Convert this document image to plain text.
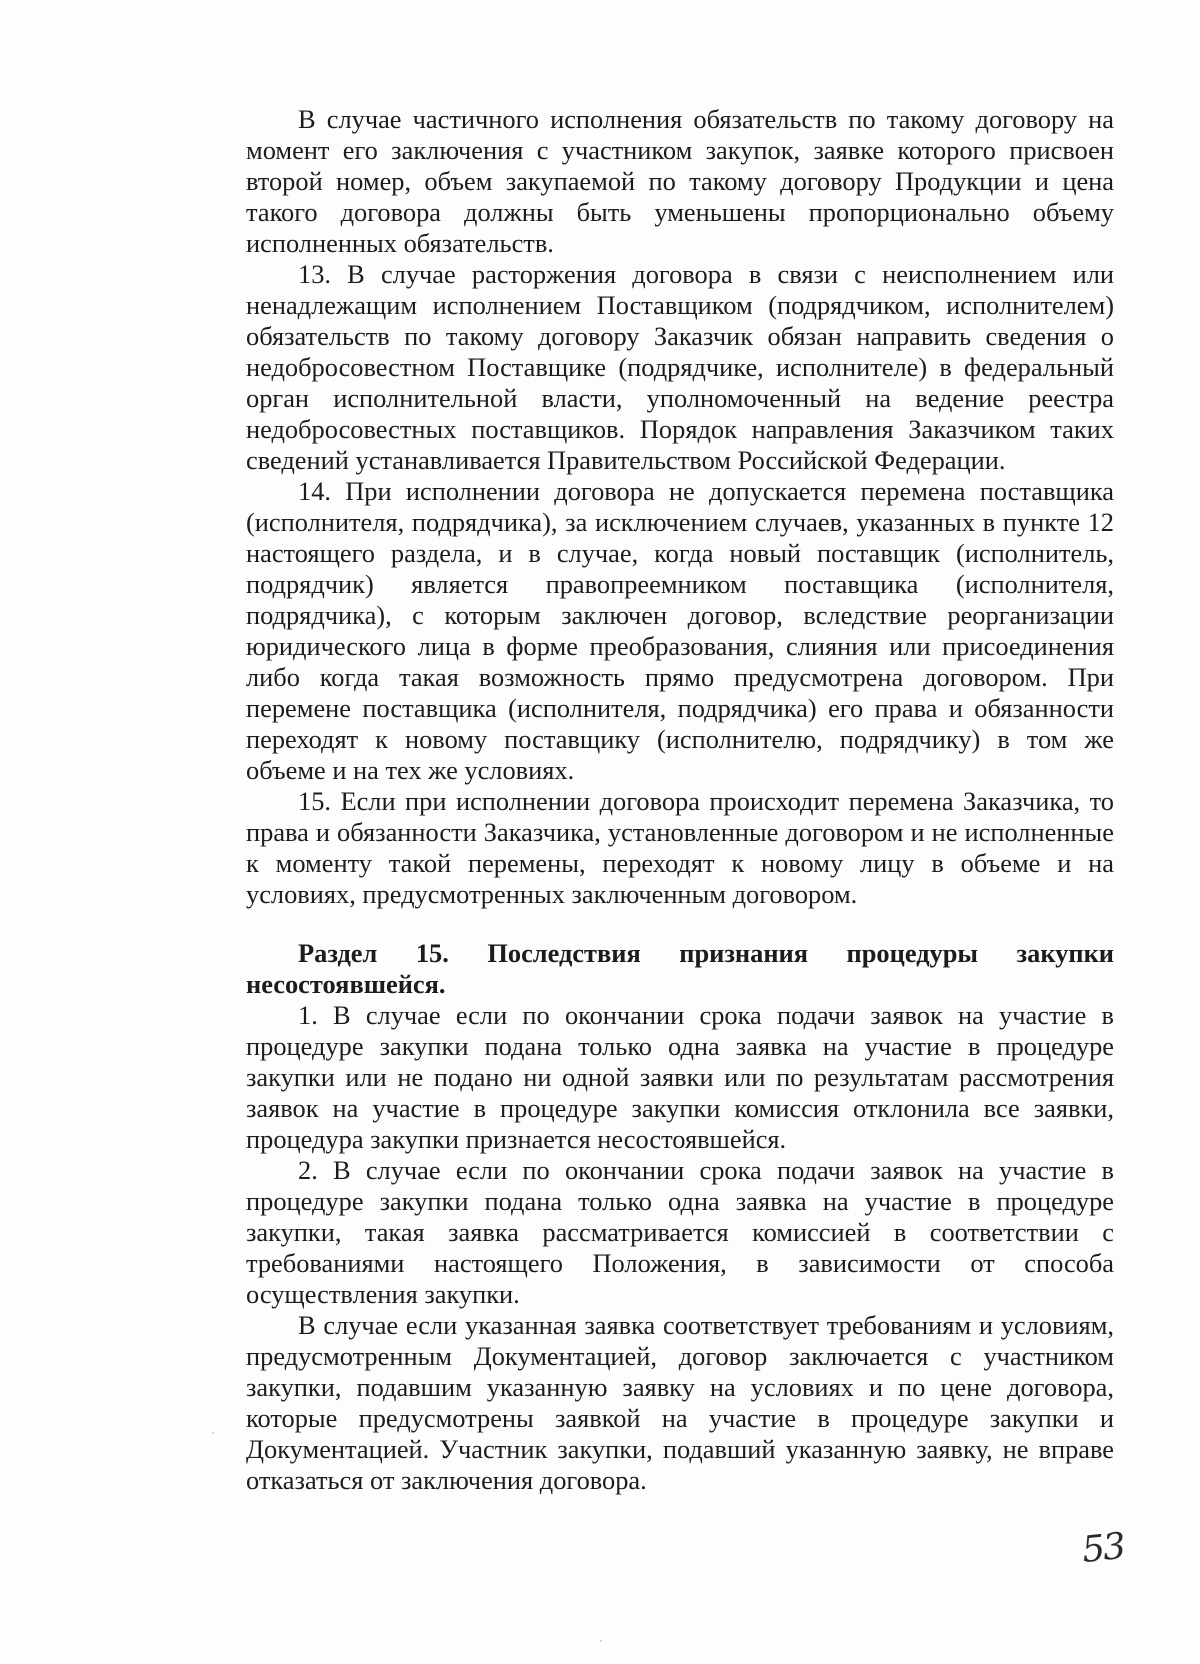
В случае частичного исполнения обязательств по такому договору на момент его заключения с участником закупок, заявке которого присвоен второй номер, объем закупаемой по такому договору Продукции и цена такого договора должны быть уменьшены пропорционально объему исполненных обязательств.

13. В случае расторжения договора в связи с неисполнением или ненадлежащим исполнением Поставщиком (подрядчиком, исполнителем) обязательств по такому договору Заказчик обязан направить сведения о недобросовестном Поставщике (подрядчике, исполнителе) в федеральный орган исполнительной власти, уполномоченный на ведение реестра недобросовестных поставщиков. Порядок направления Заказчиком таких сведений устанавливается Правительством Российской Федерации.

14. При исполнении договора не допускается перемена поставщика (исполнителя, подрядчика), за исключением случаев, указанных в пункте 12 настоящего раздела, и в случае, когда новый поставщик (исполнитель, подрядчик) является правопреемником поставщика (исполнителя, подрядчика), с которым заключен договор, вследствие реорганизации юридического лица в форме преобразования, слияния или присоединения либо когда такая возможность прямо предусмотрена договором. При перемене поставщика (исполнителя, подрядчика) его права и обязанности переходят к новому поставщику (исполнителю, подрядчику) в том же объеме и на тех же условиях.

15. Если при исполнении договора происходит перемена Заказчика, то права и обязанности Заказчика, установленные договором и не исполненные к моменту такой перемены, переходят к новому лицу в объеме и на условиях, предусмотренных заключенным договором.

Раздел 15. Последствия признания процедуры закупки несостоявшейся.

1. В случае если по окончании срока подачи заявок на участие в процедуре закупки подана только одна заявка на участие в процедуре закупки или не подано ни одной заявки или по результатам рассмотрения заявок на участие в процедуре закупки комиссия отклонила все заявки, процедура закупки признается несостоявшейся.

2. В случае если по окончании срока подачи заявок на участие в процедуре закупки подана только одна заявка на участие в процедуре закупки, такая заявка рассматривается комиссией в соответствии с требованиями настоящего Положения, в зависимости от способа осуществления закупки.

В случае если указанная заявка соответствует требованиям и условиям, предусмотренным Документацией, договор заключается с участником закупки, подавшим указанную заявку на условиях и по цене договора, которые предусмотрены заявкой на участие в процедуре закупки и Документацией. Участник закупки, подавший указанную заявку, не вправе отказаться от заключения договора.

53
